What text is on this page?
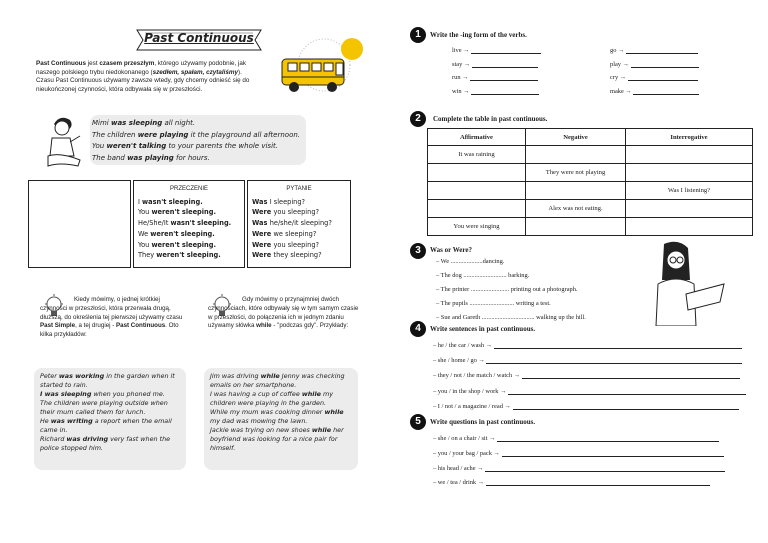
Past Continuous
Past Continuous jest czasem przeszłym, którego używamy podobnie, jak naszego polskiego trybu niedokonanego (szedłem, spałam, czytaliśmy). Czasu Past Continuous używamy zawsze wtedy, gdy chcemy odnieść się do nieukończonej czynności, która odbywała się w przeszłości.
Mimi was sleeping all night.
The children were playing it the playground all afternoon.
You weren't talking to your parents the whole visit.
The band was playing for hours.
PRZECZENIE
I wasn't sleeping.
You weren't sleeping.
He/She/It wasn't sleeping.
We weren't sleeping.
You weren't sleeping.
They weren't sleeping.
PYTANIE
Was I sleeping?
Were you sleeping?
Was he/she/it sleeping?
Were we sleeping?
Were you sleeping?
Were they sleeping?
Kiedy mówimy, o jednej krótkiej czynności w przeszłości, która przerwała drugą, dłuższą, do określenia tej pierwszej używamy czasu Past Simple, a tej drugiej - Past Continuous. Oto kilka przykładów:
Gdy mówimy o przynajmniej dwóch czynnościach, które odbywały się w tym samym czasie w przeszłości, do połączenia ich w jednym zdaniu używamy słówka while - "podczas gdy". Przykłady:
Peter was working in the garden when it started to rain.
I was sleeping when you phoned me.
The children were playing outside when their mum called them for lunch.
He was writing a report when the email came in.
Richard was driving very fast when the police stopped him.
Jim was driving while Jenny was checking emails on her smartphone.
I was having a cup of coffee while my children were playing in the garden.
While my mum was cooking dinner while my dad was mowing the lawn.
Jackie was trying on new shoes while her boyfriend was looking for a nice pair for himself.
1	Write the -ing form of the verbs.
live →
stay →
run →
win →
go →
play →
cry →
make →
2	Complete the table in past continuous.
Affirmative	Negative	Interrogative
It was raining		
	They were not playing	
		Was I listening?
	Alex was not eating.	
You were singing		
3	Was or Were?
– We ....................dancing.
– The dog ........................... barking.
– The printer ........................ printing out a photograph.
– The pupils ............................ writing a test.
– Sue and Gareth ................................. walking up the hill.
4	Write sentences in past continuous.
– he / the car / wash →
– she / home / go →
– they / not / the match / watch →
– you / in the shop / work →
– I / not / a magazine / read →
5	Write questions in past continuous.
– she / on a chair / sit →
– you / your bag / pack →
– his head / ache →
– we / tea / drink →
